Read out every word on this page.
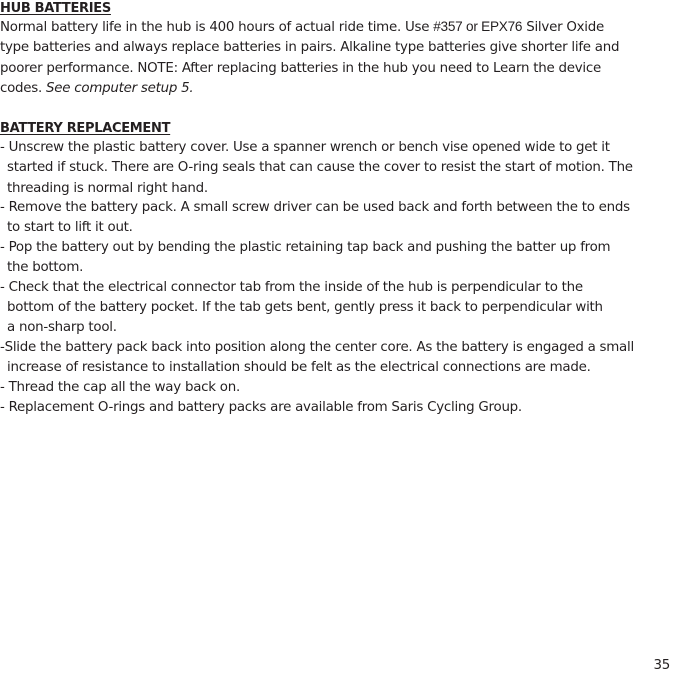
HUB BATTERIES
Normal battery life in the hub is 400 hours of actual ride time. Use #357 or EPX76 Silver Oxide
type batteries and always replace batteries in pairs. Alkaline type batteries give shorter life and
poorer performance. NOTE: After replacing batteries in the hub you need to Learn the device
codes. See computer setup 5.
BATTERY REPLACEMENT
- Unscrew the plastic battery cover. Use a spanner wrench or bench vise opened wide to get it
started if stuck. There are O-ring seals that can cause the cover to resist the start of motion. The
threading is normal right hand.
- Remove the battery pack. A small screw driver can be used back and forth between the to ends
to start to lift it out.
- Pop the battery out by bending the plastic retaining tap back and pushing the batter up from
the bottom.
- Check that the electrical connector tab from the inside of the hub is perpendicular to the
bottom of the battery pocket. If the tab gets bent, gently press it back to perpendicular with
a non-sharp tool.
-Slide the battery pack back into position along the center core. As the battery is engaged a small
increase of resistance to installation should be felt as the electrical connections are made.
- Thread the cap all the way back on.
- Replacement O-rings and battery packs are available from Saris Cycling Group.
35
